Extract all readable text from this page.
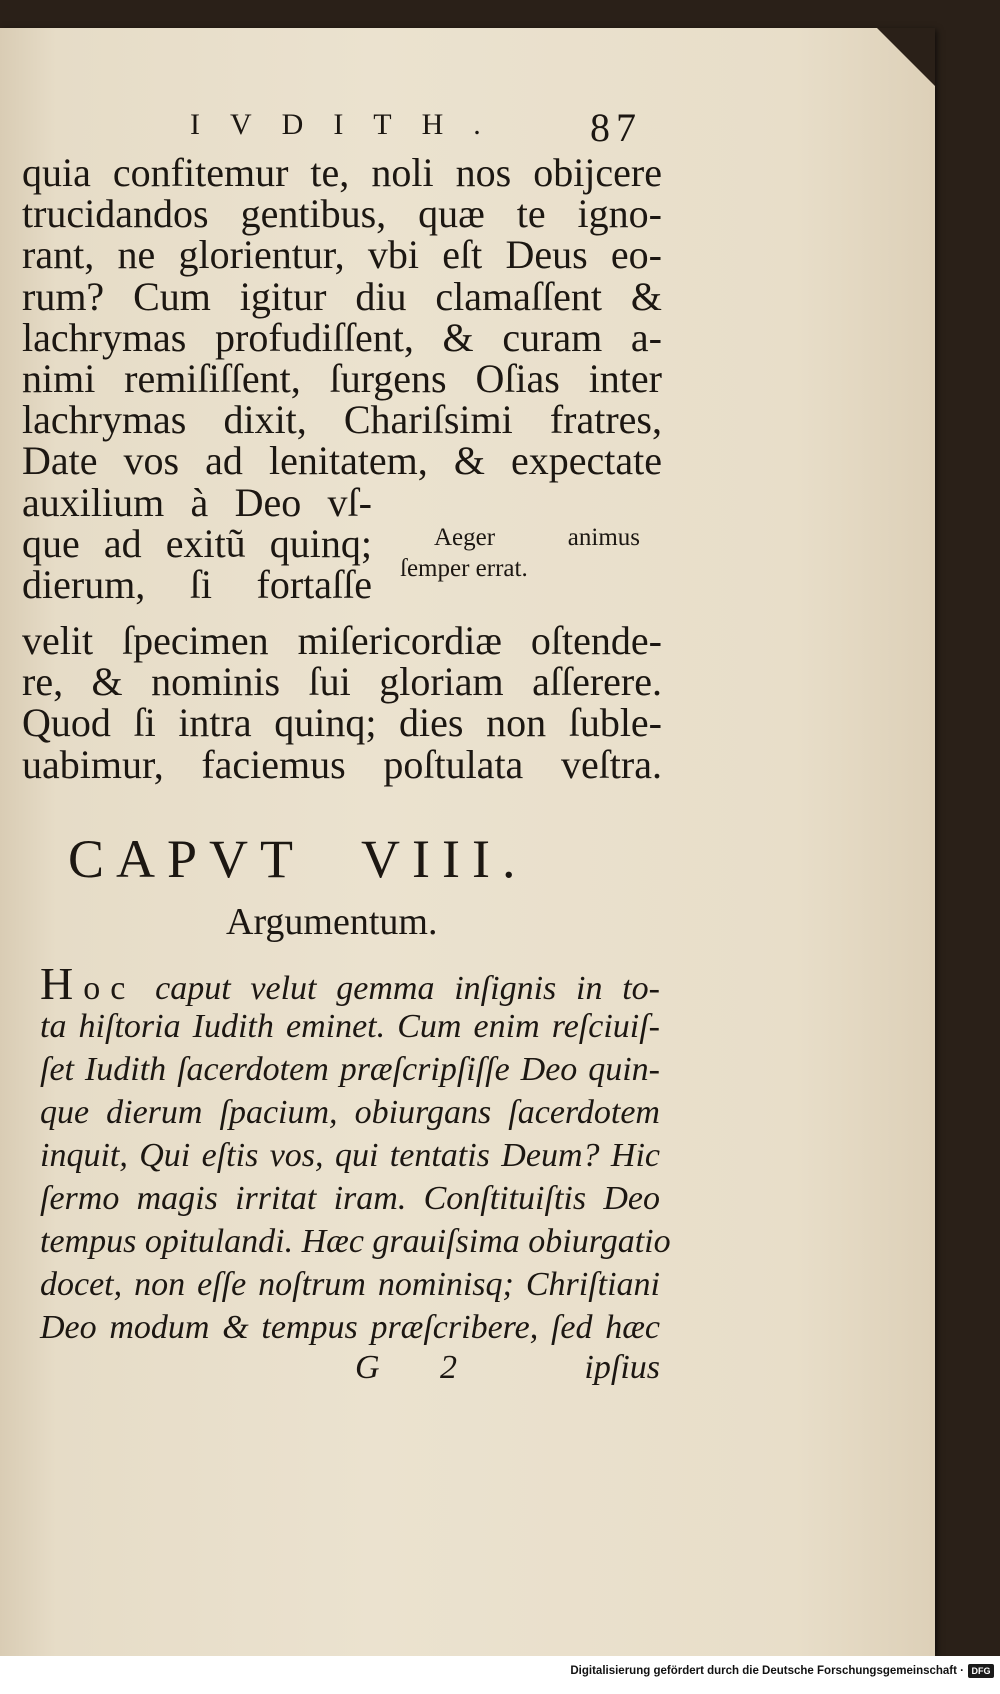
IVDITH. 87
quia confitemur te, noli nos obijcere
trucidandos gentibus, quæ te igno-
rant, ne glorientur, vbi eſt Deus eo-
rum? Cum igitur diu clamaſſent &
lachrymas profudiſſent, & curam a-
nimi remiſiſſent, ſurgens Oſias inter
lachrymas dixit, Chariſsimi fratres,
Date vos ad lenitatem, & expectate
auxilium à Deo vſ-
que ad exitũ quinq;
dierum, ſi fortaſſe
Aeger animus
ſemper errat.
velit ſpecimen miſericordiæ oſtende-
re, & nominis ſui gloriam aſſerere.
Quod ſi intra quinq; dies non ſuble-
uabimur, faciemus poſtulata veſtra.
CAPVT VIII.
Argumentum.
Hoc caput velut gemma inſignis in to-
ta hiſtoria Iudith eminet. Cum enim reſciuiſ-
ſet Iudith ſacerdotem præſcripſiſſe Deo quin-
que dierum ſpacium, obiurgans ſacerdotem
inquit, Qui eſtis vos, qui tentatis Deum? Hic
ſermo magis irritat iram. Conſtituiſtis Deo
tempus opitulandi. Hæc grauiſsima obiurgatio
docet, non eſſe noſtrum nominisq; Chriſtiani
Deo modum & tempus præſcribere, ſed hæc
G 2	ipſius
Digitalisierung gefördert durch die Deutsche Forschungsgemeinschaft · DFG
